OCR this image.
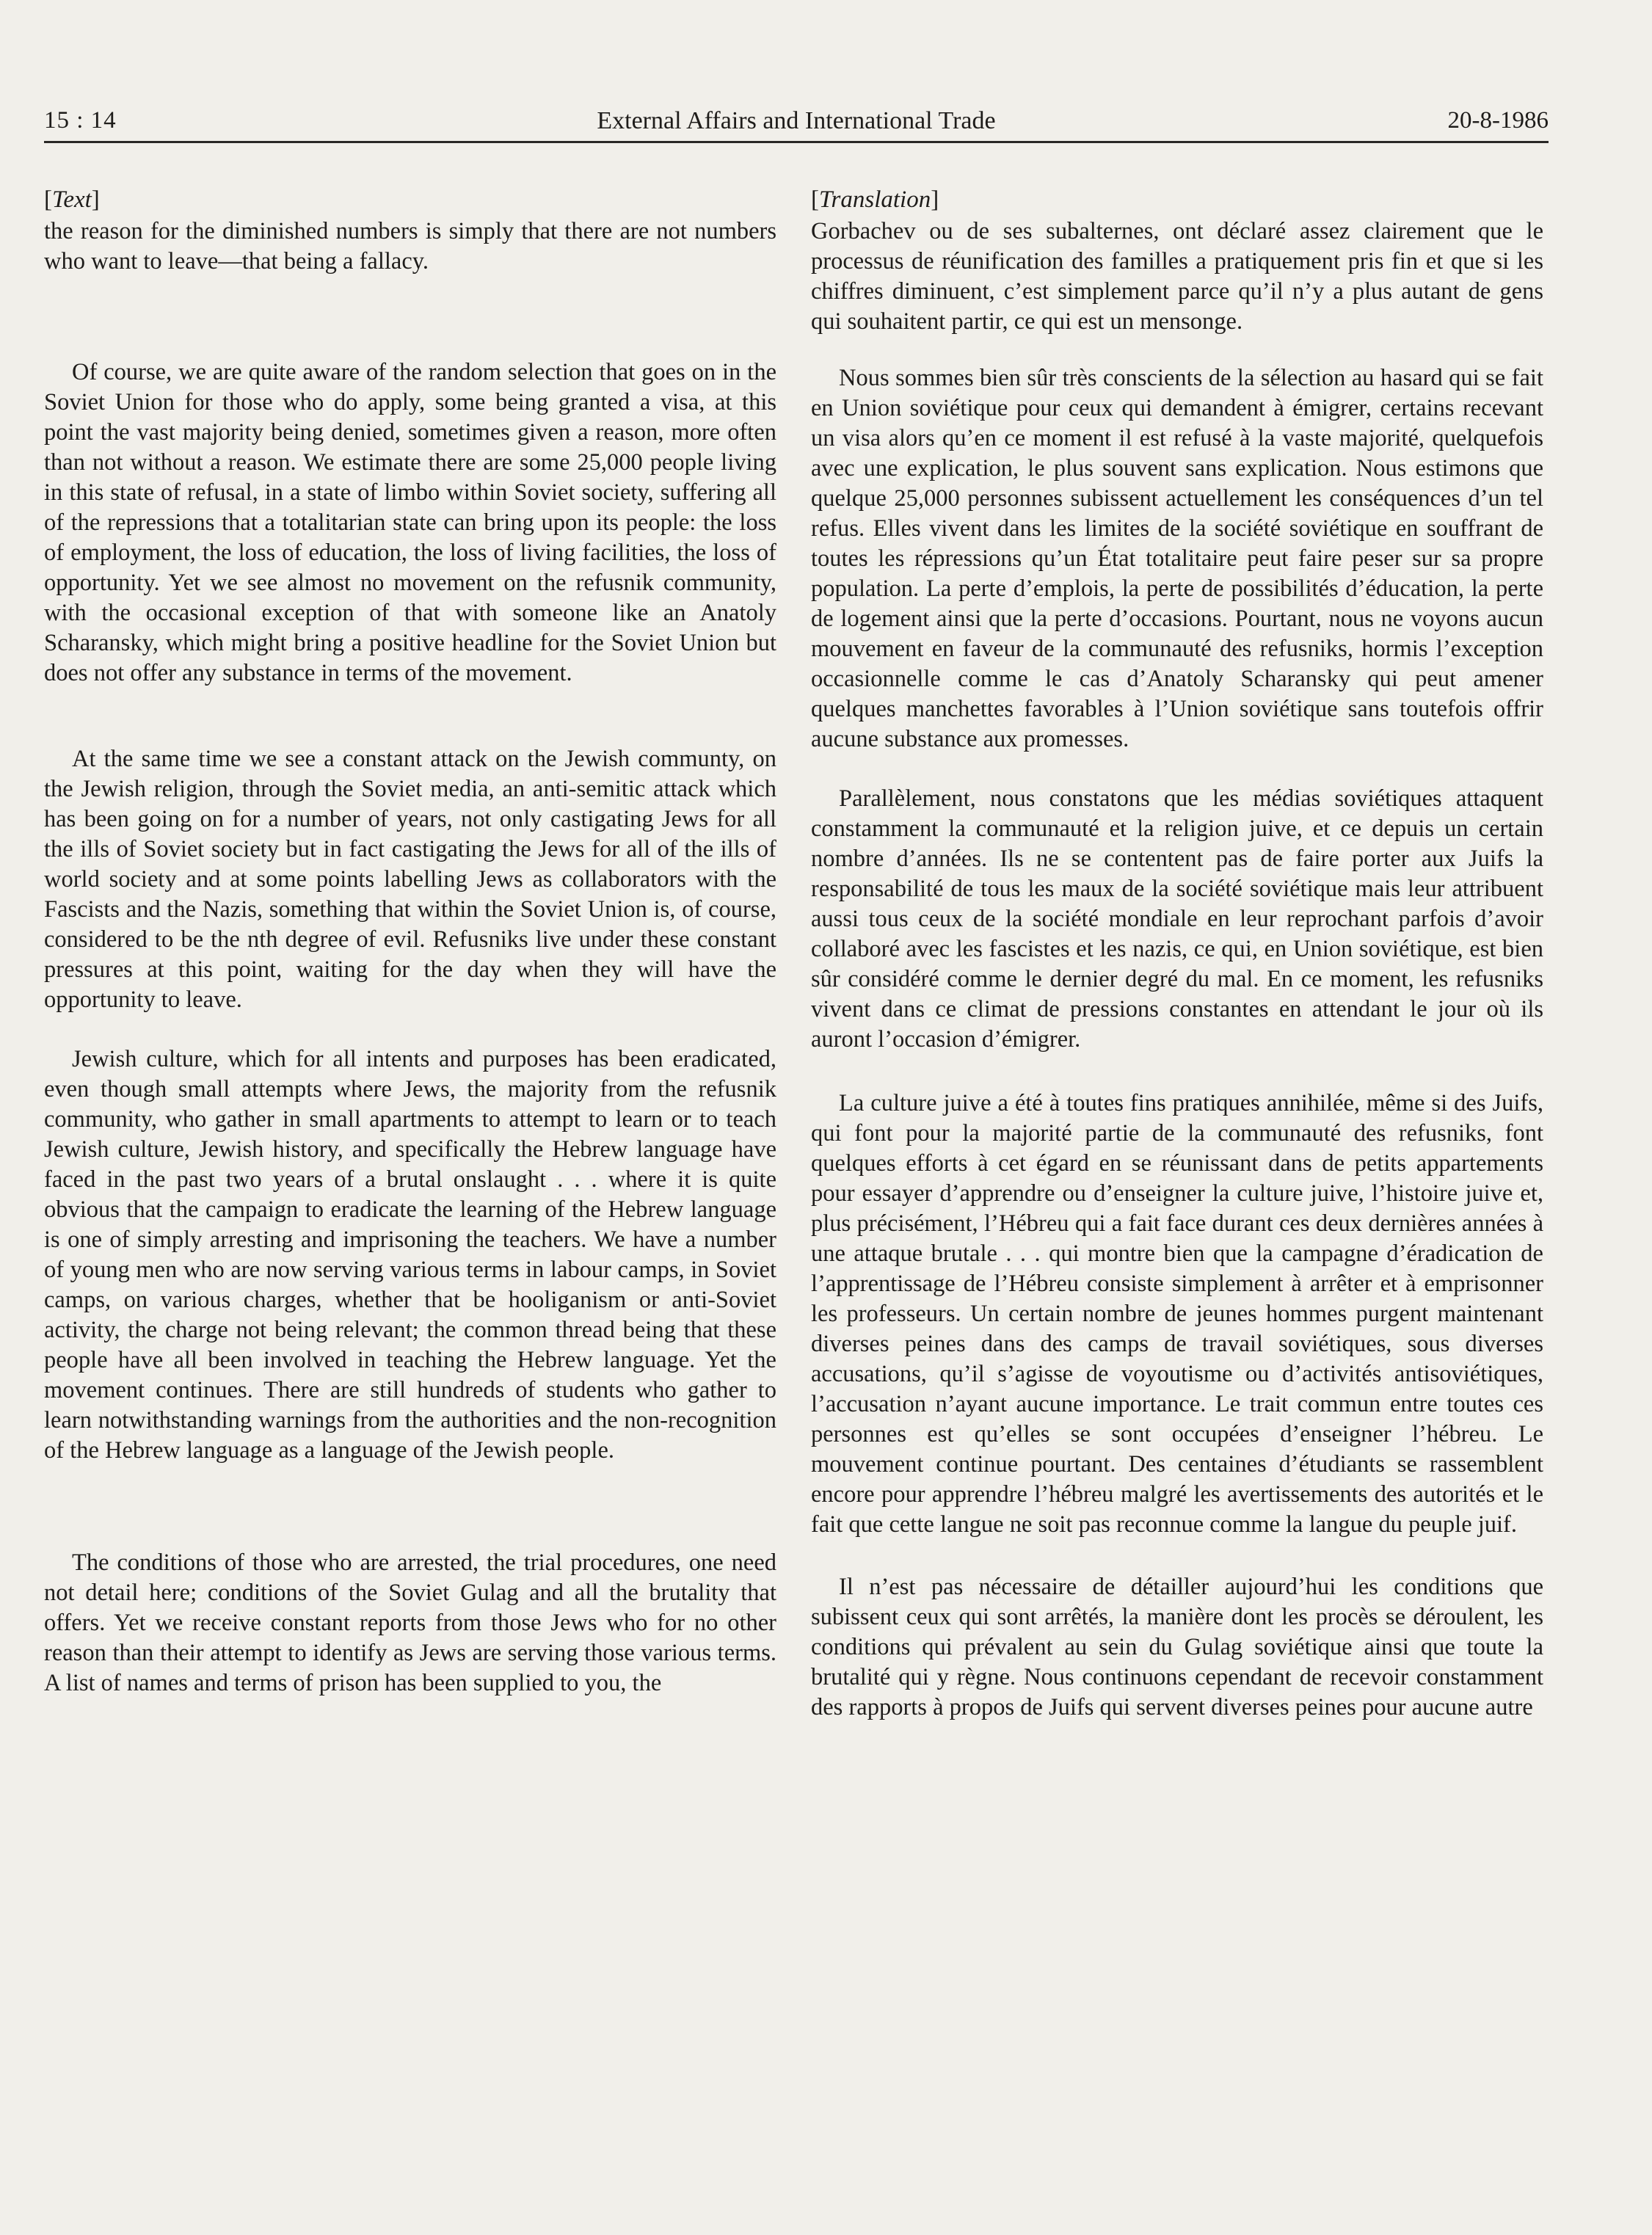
15 : 14	External Affairs and International Trade	20-8-1986
[Text]

the reason for the diminished numbers is simply that there are not numbers who want to leave—that being a fallacy.

Of course, we are quite aware of the random selection that goes on in the Soviet Union for those who do apply, some being granted a visa, at this point the vast majority being denied, sometimes given a reason, more often than not without a reason. We estimate there are some 25,000 people living in this state of refusal, in a state of limbo within Soviet society, suffering all of the repressions that a totalitarian state can bring upon its people: the loss of employment, the loss of education, the loss of living facilities, the loss of opportunity. Yet we see almost no movement on the refusnik community, with the occasional exception of that with someone like an Anatoly Scharansky, which might bring a positive headline for the Soviet Union but does not offer any substance in terms of the movement.

At the same time we see a constant attack on the Jewish communty, on the Jewish religion, through the Soviet media, an anti-semitic attack which has been going on for a number of years, not only castigating Jews for all the ills of Soviet society but in fact castigating the Jews for all of the ills of world society and at some points labelling Jews as collaborators with the Fascists and the Nazis, something that within the Soviet Union is, of course, considered to be the nth degree of evil. Refusniks live under these constant pressures at this point, waiting for the day when they will have the opportunity to leave.

Jewish culture, which for all intents and purposes has been eradicated, even though small attempts where Jews, the majority from the refusnik community, who gather in small apartments to attempt to learn or to teach Jewish culture, Jewish history, and specifically the Hebrew language have faced in the past two years of a brutal onslaught . . . where it is quite obvious that the campaign to eradicate the learning of the Hebrew language is one of simply arresting and imprisoning the teachers. We have a number of young men who are now serving various terms in labour camps, in Soviet camps, on various charges, whether that be hooliganism or anti-Soviet activity, the charge not being relevant; the common thread being that these people have all been involved in teaching the Hebrew language. Yet the movement continues. There are still hundreds of students who gather to learn notwithstanding warnings from the authorities and the non-recognition of the Hebrew language as a language of the Jewish people.

The conditions of those who are arrested, the trial procedures, one need not detail here; conditions of the Soviet Gulag and all the brutality that offers. Yet we receive constant reports from those Jews who for no other reason than their attempt to identify as Jews are serving those various terms. A list of names and terms of prison has been supplied to you, the

[Translation]

Gorbachev ou de ses subalternes, ont déclaré assez clairement que le processus de réunification des familles a pratiquement pris fin et que si les chiffres diminuent, c’est simplement parce qu’il n’y a plus autant de gens qui souhaitent partir, ce qui est un mensonge.

Nous sommes bien sûr très conscients de la sélection au hasard qui se fait en Union soviétique pour ceux qui demandent à émigrer, certains recevant un visa alors qu’en ce moment il est refusé à la vaste majorité, quelquefois avec une explication, le plus souvent sans explication. Nous estimons que quelque 25,000 personnes subissent actuellement les conséquences d’un tel refus. Elles vivent dans les limites de la société soviétique en souffrant de toutes les répressions qu’un État totalitaire peut faire peser sur sa propre population. La perte d’emplois, la perte de possibilités d’éducation, la perte de logement ainsi que la perte d’occasions. Pourtant, nous ne voyons aucun mouvement en faveur de la communauté des refusniks, hormis l’exception occasionnelle comme le cas d’Anatoly Scharansky qui peut amener quelques manchettes favorables à l’Union soviétique sans toutefois offrir aucune substance aux promesses.

Parallèlement, nous constatons que les médias soviétiques attaquent constamment la communauté et la religion juive, et ce depuis un certain nombre d’années. Ils ne se contentent pas de faire porter aux Juifs la responsabilité de tous les maux de la société soviétique mais leur attribuent aussi tous ceux de la société mondiale en leur reprochant parfois d’avoir collaboré avec les fascistes et les nazis, ce qui, en Union soviétique, est bien sûr considéré comme le dernier degré du mal. En ce moment, les refusniks vivent dans ce climat de pressions constantes en attendant le jour où ils auront l’occasion d’émigrer.

La culture juive a été à toutes fins pratiques annihilée, même si des Juifs, qui font pour la majorité partie de la communauté des refusniks, font quelques efforts à cet égard en se réunissant dans de petits appartements pour essayer d’apprendre ou d’enseigner la culture juive, l’histoire juive et, plus précisément, l’Hébreu qui a fait face durant ces deux dernières années à une attaque brutale . . . qui montre bien que la campagne d’éradication de l’apprentissage de l’Hébreu consiste simplement à arrêter et à emprisonner les professeurs. Un certain nombre de jeunes hommes purgent maintenant diverses peines dans des camps de travail soviétiques, sous diverses accusations, qu’il s’agisse de voyoutisme ou d’activités antisoviétiques, l’accusation n’ayant aucune importance. Le trait commun entre toutes ces personnes est qu’elles se sont occupées d’enseigner l’hébreu. Le mouvement continue pourtant. Des centaines d’étudiants se rassemblent encore pour apprendre l’hébreu malgré les avertissements des autorités et le fait que cette langue ne soit pas reconnue comme la langue du peuple juif.

Il n’est pas nécessaire de détailler aujourd’hui les conditions que subissent ceux qui sont arrêtés, la manière dont les procès se déroulent, les conditions qui prévalent au sein du Gulag soviétique ainsi que toute la brutalité qui y règne. Nous continuons cependant de recevoir constamment des rapports à propos de Juifs qui servent diverses peines pour aucune autre
